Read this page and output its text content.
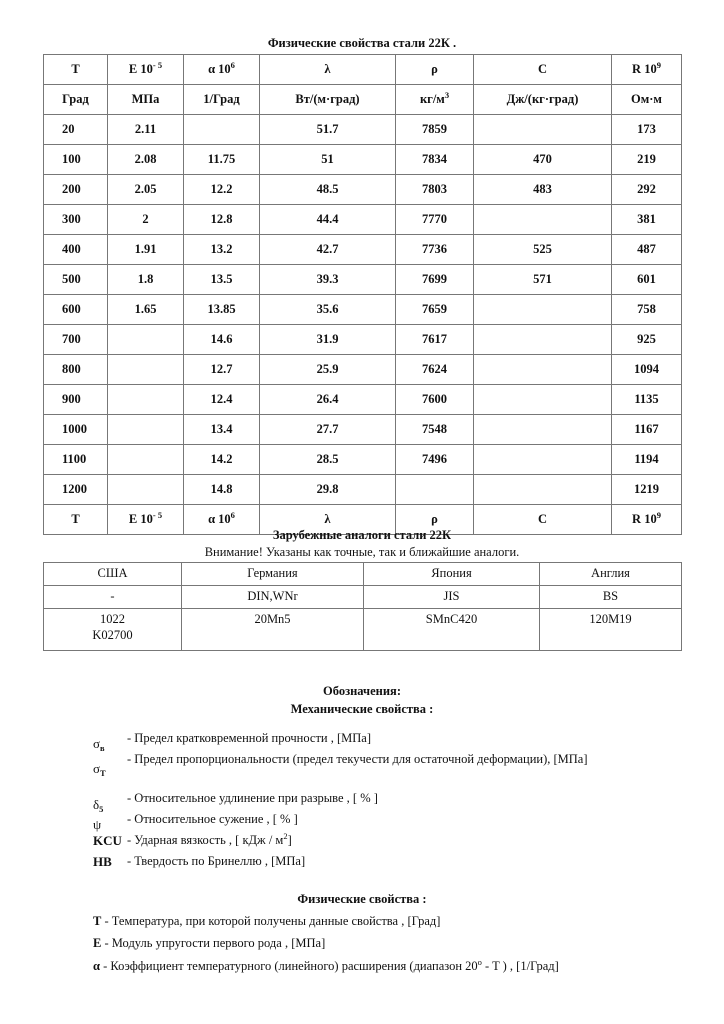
Физические свойства стали 22К .
T	E $10^{- 5}$	α $10^6$	λ	ρ	C	R $10^9$
Град	МПа	1/Град	Вт/(м·град)	$кг/м^3$	Дж/(кг·град)	Ом·м
20	2.11		51.7	7859		173
100	2.08	11.75	51	7834	470	219
200	2.05	12.2	48.5	7803	483	292
300	2	12.8	44.4	7770		381
400	1.91	13.2	42.7	7736	525	487
500	1.8	13.5	39.3	7699	571	601
600	1.65	13.85	35.6	7659		758
700		14.6	31.9	7617		925
800		12.7	25.9	7624		1094
900		12.4	26.4	7600		1135
1000		13.4	27.7	7548		1167
1100		14.2	28.5	7496		1194
1200		14.8	29.8			1219
T	E $10^{- 5}$	α $10^6$	λ	ρ	C	R $10^9$
Зарубежные аналоги стали 22К
Внимание! Указаны как точные, так и ближайшие аналоги.
США	Германия	Япония	Англия
-	DIN,WNr	JIS	BS
1022
K02700	20Mn5	SMnC420	120M19
Обозначения:
Механические свойства :
$\sigma_в$
- Предел кратковременной прочности , [МПа]
$\sigma_T$
- Предел пропорциональности (предел текучести для остаточной деформации), [МПа]
$\delta_5$
- Относительное удлинение при разрыве , [ % ]
ψ	- Относительное сужение , [ % ]
KCU - Ударная вязкость , [ кДж / $м^2$]
HB	- Твердость по Бринеллю , [МПа]
Физические свойства :
T - Температура, при которой получены данные свойства , [Град]
E - Модуль упругости первого рода , [МПа]
α - Коэффициент температурного (линейного) расширения (диапазон 20$^o$ - T ) , [1/Град]
